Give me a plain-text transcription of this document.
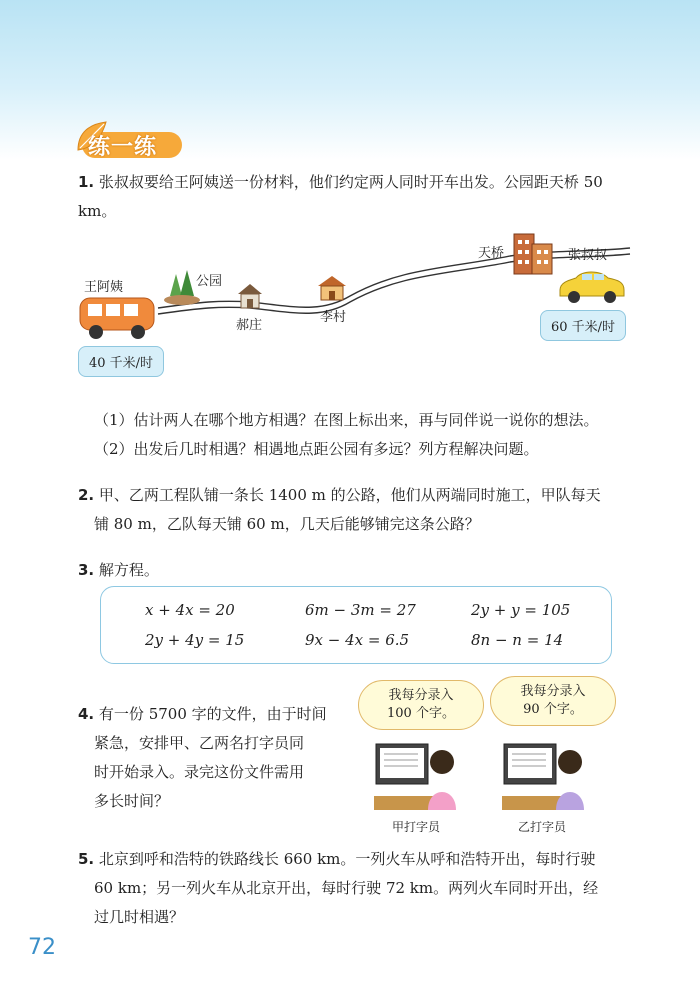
练一练
1. 张叔叔要给王阿姨送一份材料，他们约定两人同时开车出发。公园距天桥 50 km。
王阿姨
40 千米/时
公园
郝庄
李村
天桥	张叔叔
60 千米/时
（1）估计两人在哪个地方相遇？在图上标出来，再与同伴说一说你的想法。
（2）出发后几时相遇？相遇地点距公园有多远？列方程解决问题。
2. 甲、乙两工程队铺一条长 1400 m 的公路，他们从两端同时施工，甲队每天
铺 80 m，乙队每天铺 60 m，几天后能够铺完这条公路？
3. 解方程。
x + 4x = 20	6m − 3m = 27	2y + y = 105
2y + 4y = 15	9x − 4x = 6.5	8n − n = 14
4. 有一份 5700 字的文件，由于时间
紧急，安排甲、乙两名打字员同
时开始录入。录完这份文件需用
多长时间？
我每分录入
100 个字。
我每分录入
90 个字。
甲打字员	乙打字员
5. 北京到呼和浩特的铁路线长 660 km。一列火车从呼和浩特开出，每时行驶
60 km；另一列火车从北京开出，每时行驶 72 km。两列火车同时开出，经
过几时相遇？
72
